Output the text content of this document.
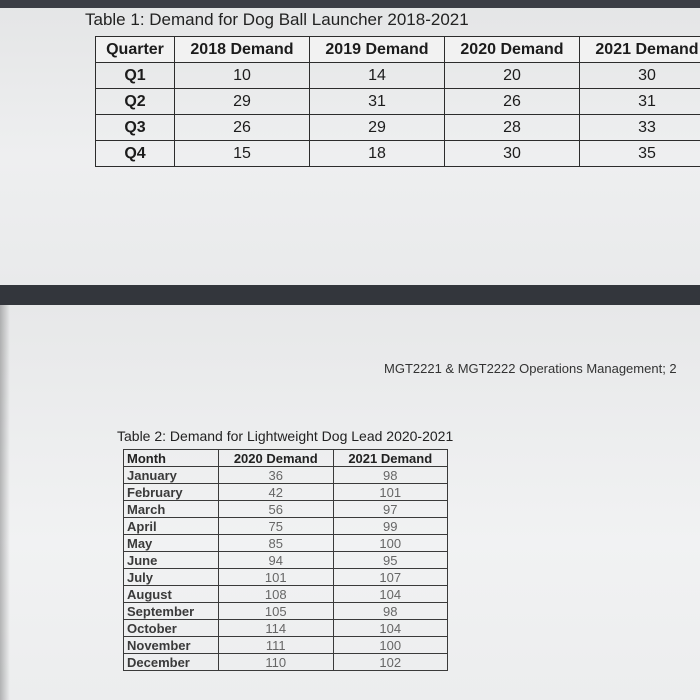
Table 1: Demand for Dog Ball Launcher 2018-2021
Quarter	2018 Demand	2019 Demand	2020 Demand	2021 Demand
Q1	10	14	20	30
Q2	29	31	26	31
Q3	26	29	28	33
Q4	15	18	30	35
MGT2221 & MGT2222 Operations Management; 2
Table 2: Demand for Lightweight Dog Lead 2020-2021
Month	2020 Demand	2021 Demand
January	36	98
February	42	101
March	56	97
April	75	99
May	85	100
June	94	95
July	101	107
August	108	104
September	105	98
October	114	104
November	111	100
December	110	102
